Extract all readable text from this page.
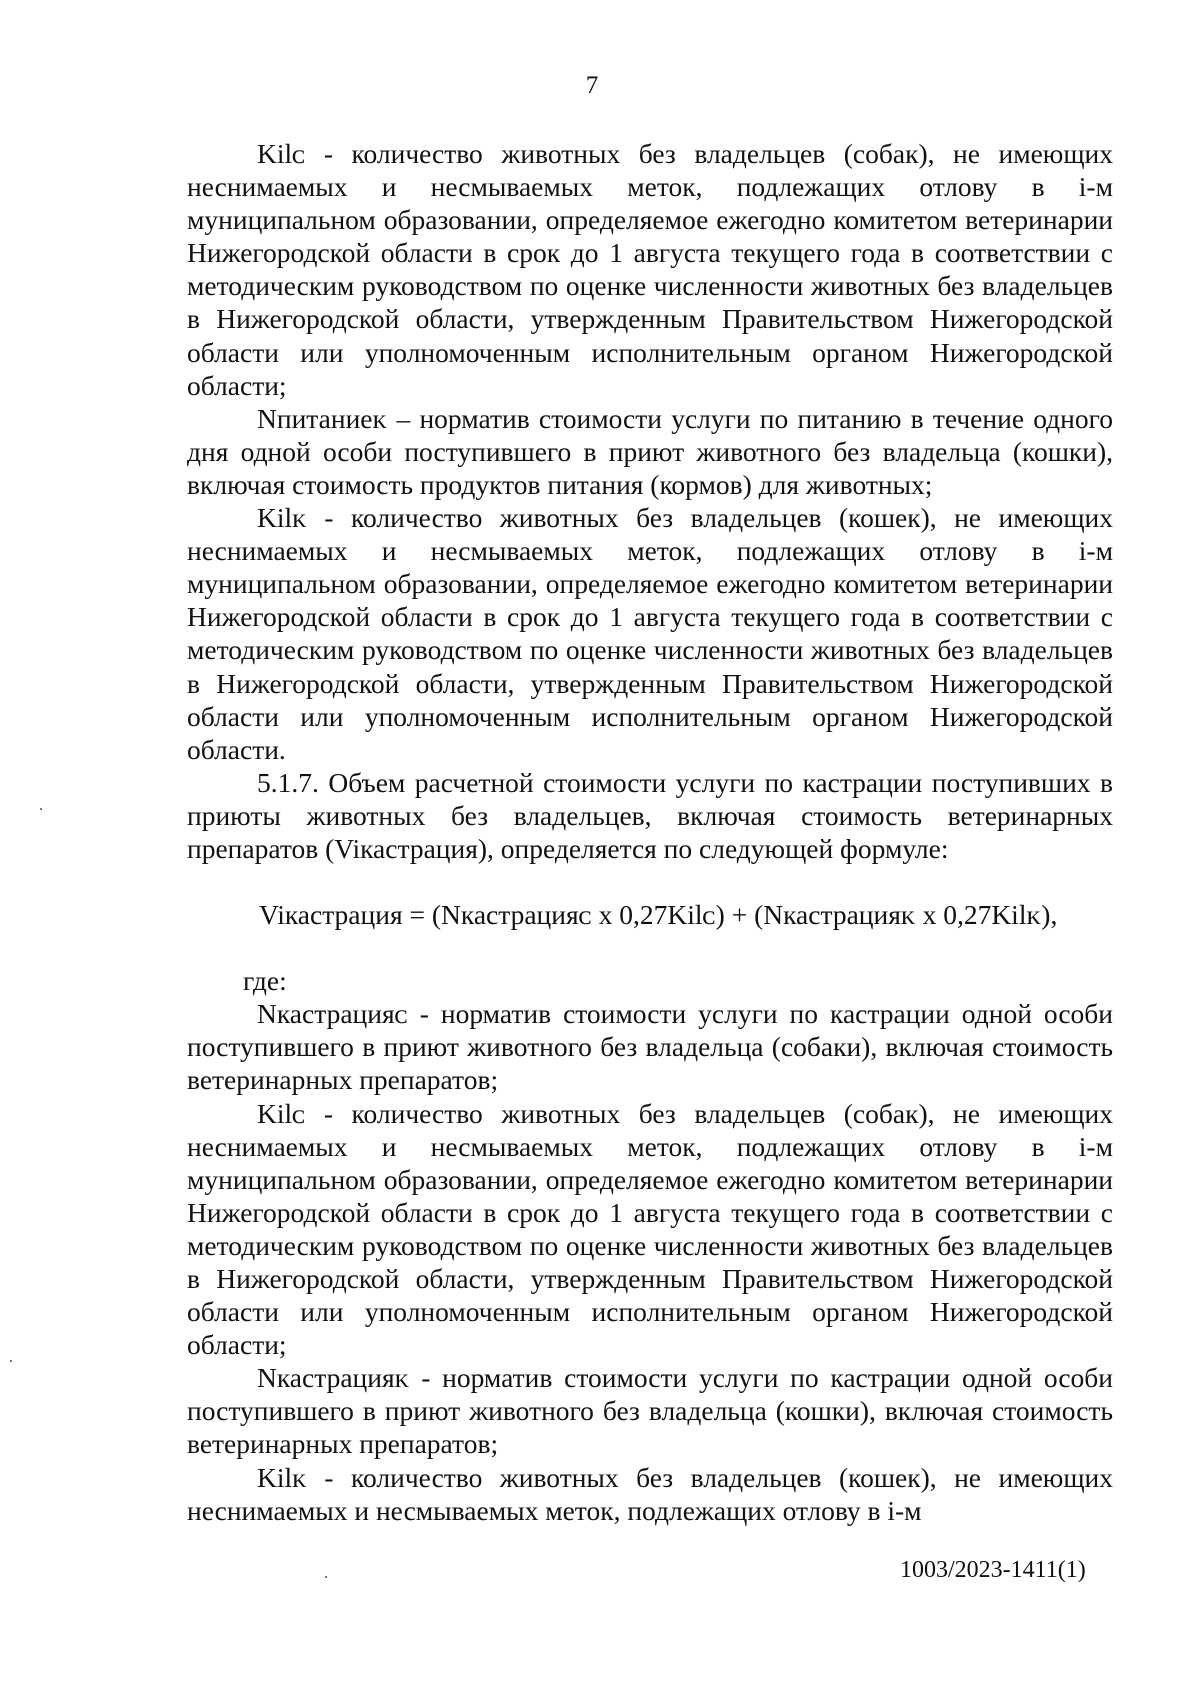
7

Kilᴄ - количество животных без владельцев (собак), не имеющих неснимаемых и несмываемых меток, подлежащих отлову в i-м муниципальном образовании, определяемое ежегодно комитетом ветеринарии Нижегородской области в срок до 1 августа текущего года в соответствии с методическим руководством по оценке численности животных без владельцев в Нижегородской области, утвержденным Правительством Нижегородской области или уполномоченным исполнительным органом Нижегородской области;

Nпитаниеᴋ – норматив стоимости услуги по питанию в течение одного дня одной особи поступившего в приют животного без владельца (кошки), включая стоимость продуктов питания (кормов) для животных;

Kilᴋ - количество животных без владельцев (кошек), не имеющих неснимаемых и несмываемых меток, подлежащих отлову в i-м муниципальном образовании, определяемое ежегодно комитетом ветеринарии Нижегородской области в срок до 1 августа текущего года в соответствии с методическим руководством по оценке численности животных без владельцев в Нижегородской области, утвержденным Правительством Нижегородской области или уполномоченным исполнительным органом Нижегородской области.

5.1.7. Объем расчетной стоимости услуги по кастрации поступивших в приюты животных без владельцев, включая стоимость ветеринарных препаратов (Viкастрация), определяется по следующей формуле:

Viкастрация = (Nкастрацияᴄ x 0,27Kilᴄ) + (Nкастрацияᴋ x 0,27Kilᴋ),

где:

Nкастрацияᴄ - норматив стоимости услуги по кастрации одной особи поступившего в приют животного без владельца (собаки), включая стоимость ветеринарных препаратов;

Kilᴄ - количество животных без владельцев (собак), не имеющих неснимаемых и несмываемых меток, подлежащих отлову в i-м муниципальном образовании, определяемое ежегодно комитетом ветеринарии Нижегородской области в срок до 1 августа текущего года в соответствии с методическим руководством по оценке численности животных без владельцев в Нижегородской области, утвержденным Правительством Нижегородской области или уполномоченным исполнительным органом Нижегородской области;

Nкастрацияᴋ - норматив стоимости услуги по кастрации одной особи поступившего в приют животного без владельца (кошки), включая стоимость ветеринарных препаратов;

Kilᴋ - количество животных без владельцев (кошек), не имеющих неснимаемых и несмываемых меток, подлежащих отлову в i-м

1003/2023-1411(1)
